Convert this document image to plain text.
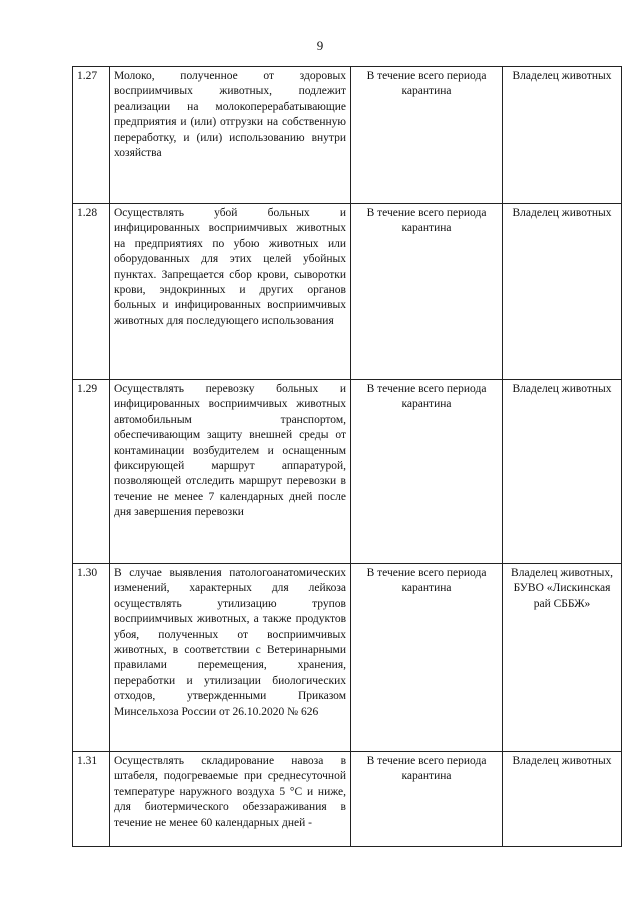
9
1.27	Молоко, полученное от здоровых восприимчивых животных, подлежит реализации на молокоперерабатывающие предприятия и (или) отгрузки на собственную переработку, и (или) использованию внутри хозяйства	В течение всего периода карантина	Владелец животных
1.28	Осуществлять убой больных и инфицированных восприимчивых животных на предприятиях по убою животных или оборудованных для этих целей убойных пунктах. Запрещается сбор крови, сыворотки крови, эндокринных и других органов больных и инфицированных восприимчивых животных для последующего использования	В течение всего периода карантина	Владелец животных
1.29	Осуществлять перевозку больных и инфицированных восприимчивых животных автомобильным транспортом, обеспечивающим защиту внешней среды от контаминации возбудителем и оснащенным фиксирующей маршрут аппаратурой, позволяющей отследить маршрут перевозки в течение не менее 7 календарных дней после дня завершения перевозки	В течение всего периода карантина	Владелец животных
1.30	В случае выявления патологоанатомических изменений, характерных для лейкоза осуществлять утилизацию трупов восприимчивых животных, а также продуктов убоя, полученных от восприимчивых животных, в соответствии с Ветеринарными правилами перемещения, хранения, переработки и утилизации биологических отходов, утвержденными Приказом Минсельхоза России от 26.10.2020 № 626	В течение всего периода карантина	Владелец животных, БУВО «Лискинская рай СББЖ»
1.31	Осуществлять складирование навоза в штабеля, подогреваемые при среднесуточной температуре наружного воздуха 5 °С и ниже, для биотермического обеззараживания в течение не менее 60 календарных дней -	В течение всего периода карантина	Владелец животных
